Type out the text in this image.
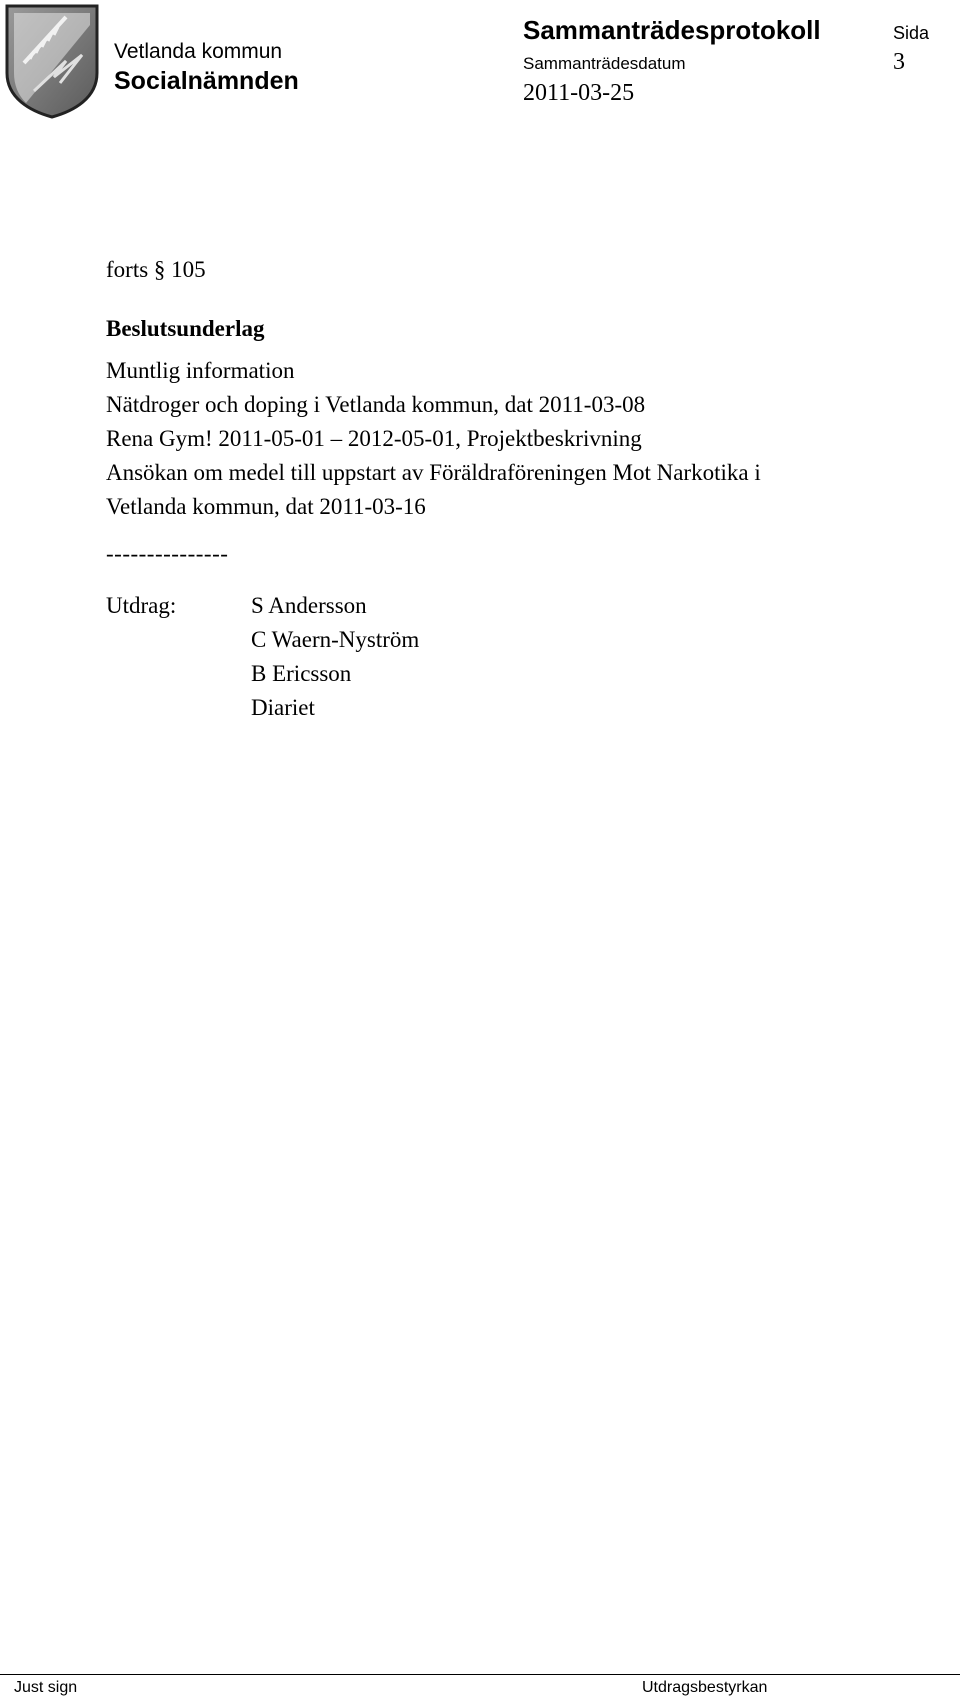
Vetlanda kommun
Socialnämnden
Sammanträdesprotokoll
Sammanträdesdatum
2011-03-25
Sida
3
forts § 105
Beslutsunderlag
Muntlig information
Nätdroger och doping i Vetlanda kommun, dat 2011-03-08
Rena Gym! 2011-05-01 – 2012-05-01, Projektbeskrivning
Ansökan om medel till uppstart av Föräldraföreningen Mot Narkotika i
Vetlanda kommun, dat 2011-03-16
---------------
Utdrag:	S Andersson
C Waern-Nyström
B Ericsson
Diariet
Just sign	Utdragsbestyrkan
